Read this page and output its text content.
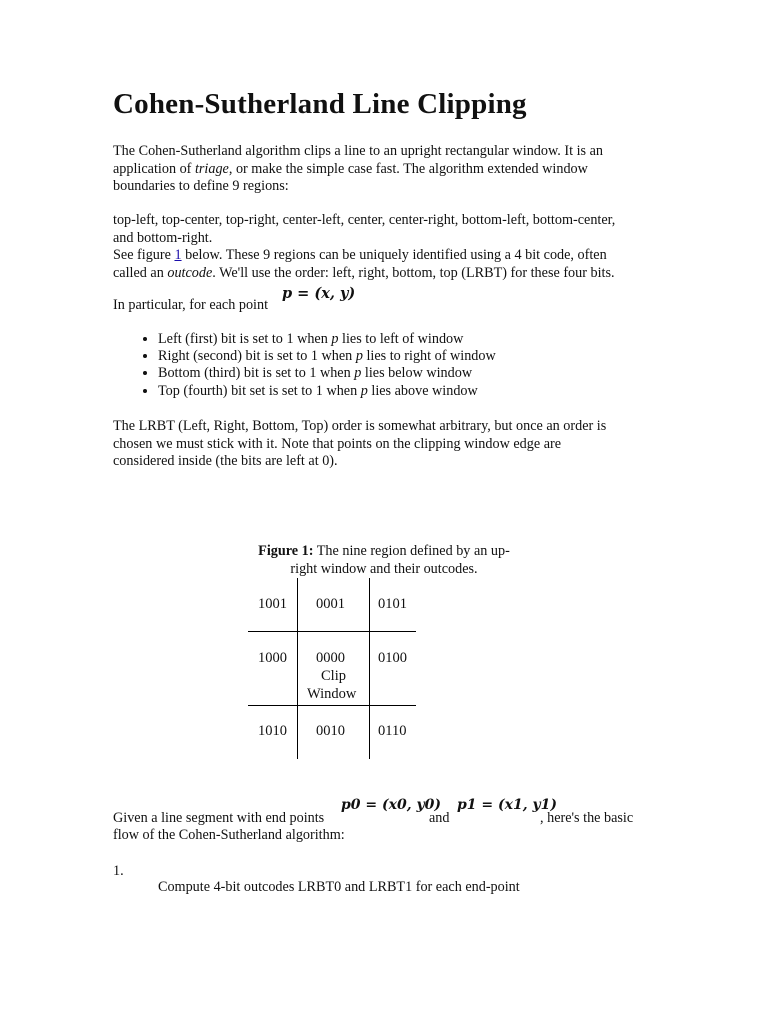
Cohen-Sutherland Line Clipping
The Cohen-Sutherland algorithm clips a line to an upright rectangular window. It is an
application of triage, or make the simple case fast. The algorithm extended window
boundaries to define 9 regions:
top-left, top-center, top-right, center-left, center, center-right, bottom-left, bottom-center,
and bottom-right.
See figure 1 below. These 9 regions can be uniquely identified using a 4 bit code, often
called an outcode. We'll use the order: left, right, bottom, top (LRBT) for these four bits.
In particular, for each point
p = (x, y)
• Left (first) bit is set to 1 when p lies to left of window
• Right (second) bit is set to 1 when p lies to right of window
• Bottom (third) bit is set to 1 when p lies below window
• Top (fourth) bit set is set to 1 when p lies above window
The LRBT (Left, Right, Bottom, Top) order is somewhat arbitrary, but once an order is
chosen we must stick with it. Note that points on the clipping window edge are
considered inside (the bits are left at 0).
Figure 1: The nine region defined by an up-
right window and their outcodes.
1001 0001 0101
1000 0000 0100
Clip
Window
1010 0010 0110
Given a line segment with end points
p0 = (x0, y0)
and
p1 = (x1, y1)
, here's the basic
flow of the Cohen-Sutherland algorithm:
1.
Compute 4-bit outcodes LRBT0 and LRBT1 for each end-point
